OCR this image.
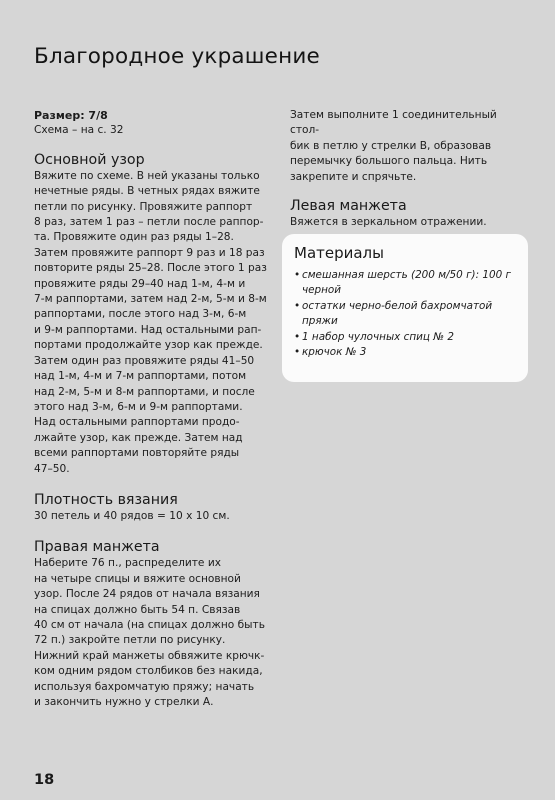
Благородное украшение

Размер: 7/8

Схема – на с. 32

Основной узор

Вяжите по схеме. В ней указаны только

нечетные ряды. В четных рядах вяжите

петли по рисунку. Провяжите раппорт

8 раз, затем 1 раз – петли после раппор-

та. Провяжите один раз ряды 1–28.

Затем провяжите раппорт 9 раз и 18 раз

повторите ряды 25–28. После этого 1 раз

провяжите ряды 29–40 над 1-м, 4-м и

7-м раппортами, затем над 2-м, 5-м и 8-м

раппортами, после этого над 3-м, 6-м

и 9-м раппортами. Над остальными рап-

портами продолжайте узор как прежде.

Затем один раз провяжите ряды 41–50

над 1-м, 4-м и 7-м раппортами, потом

над 2-м, 5-м и 8-м раппортами, и после

этого над 3-м, 6-м и 9-м раппортами.

Над остальными раппортами продо-

лжайте узор, как прежде. Затем над

всеми раппортами повторяйте ряды

47–50.

Плотность вязания

30 петель и 40 рядов = 10 x 10 см.

Правая манжета

Наберите 76 п., распределите их

на четыре спицы и вяжите основной

узор. После 24 рядов от начала вязания

на спицах должно быть 54 п. Связав

40 см от начала (на спицах должно быть

72 п.) закройте петли по рисунку.

Нижний край манжеты обвяжите крючк-

ком одним рядом столбиков без накида,

используя бахромчатую пряжу; начать

и закончить нужно у стрелки А.

Затем выполните 1 соединительный стол-

бик в петлю у стрелки В, образовав

перемычку большого пальца. Нить

закрепите и спрячьте.

Левая манжета

Вяжется в зеркальном отражении.

Материалы

• смешанная шерсть (200 м/50 г): 100 г
черной
• остатки черно-белой бахромчатой
пряжи
• 1 набор чулочных спиц № 2
• крючок № 3
18
